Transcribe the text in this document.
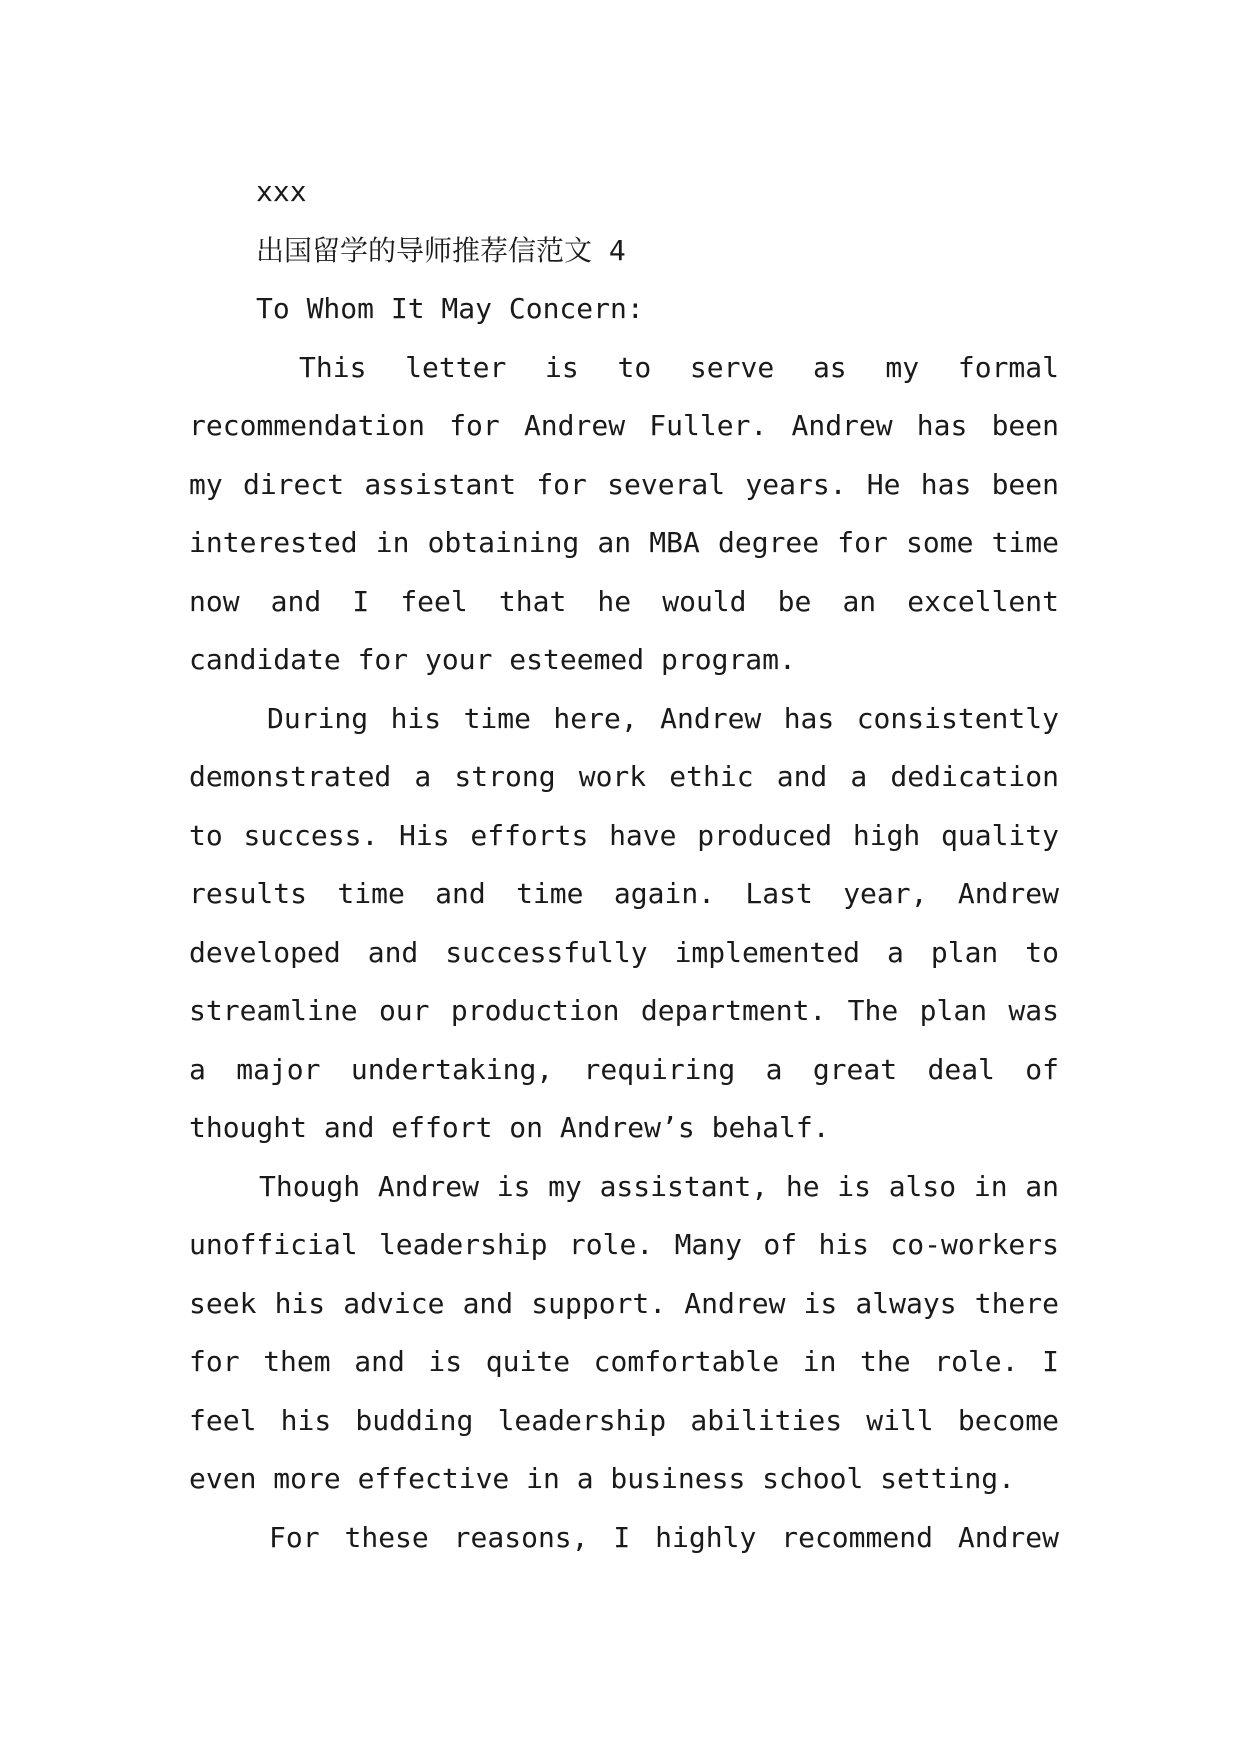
xxx

出国留学的导师推荐信范文 4

To Whom It May Concern:

This letter is to serve as my formal recommendation for Andrew Fuller. Andrew has been my direct assistant for several years. He has been interested in obtaining an MBA degree for some time now and I feel that he would be an excellent candidate for your esteemed program.

During his time here, Andrew has consistently demonstrated a strong work ethic and a dedication to success. His efforts have produced high quality results time and time again. Last year, Andrew developed and successfully implemented a plan to streamline our production department. The plan was a major undertaking, requiring a great deal of thought and effort on Andrew’s behalf.

Though Andrew is my assistant, he is also in an unofficial leadership role. Many of his co-workers seek his advice and support. Andrew is always there for them and is quite comfortable in the role. I feel his budding leadership abilities will become even more effective in a business school setting.

For these reasons, I highly recommend Andrew
